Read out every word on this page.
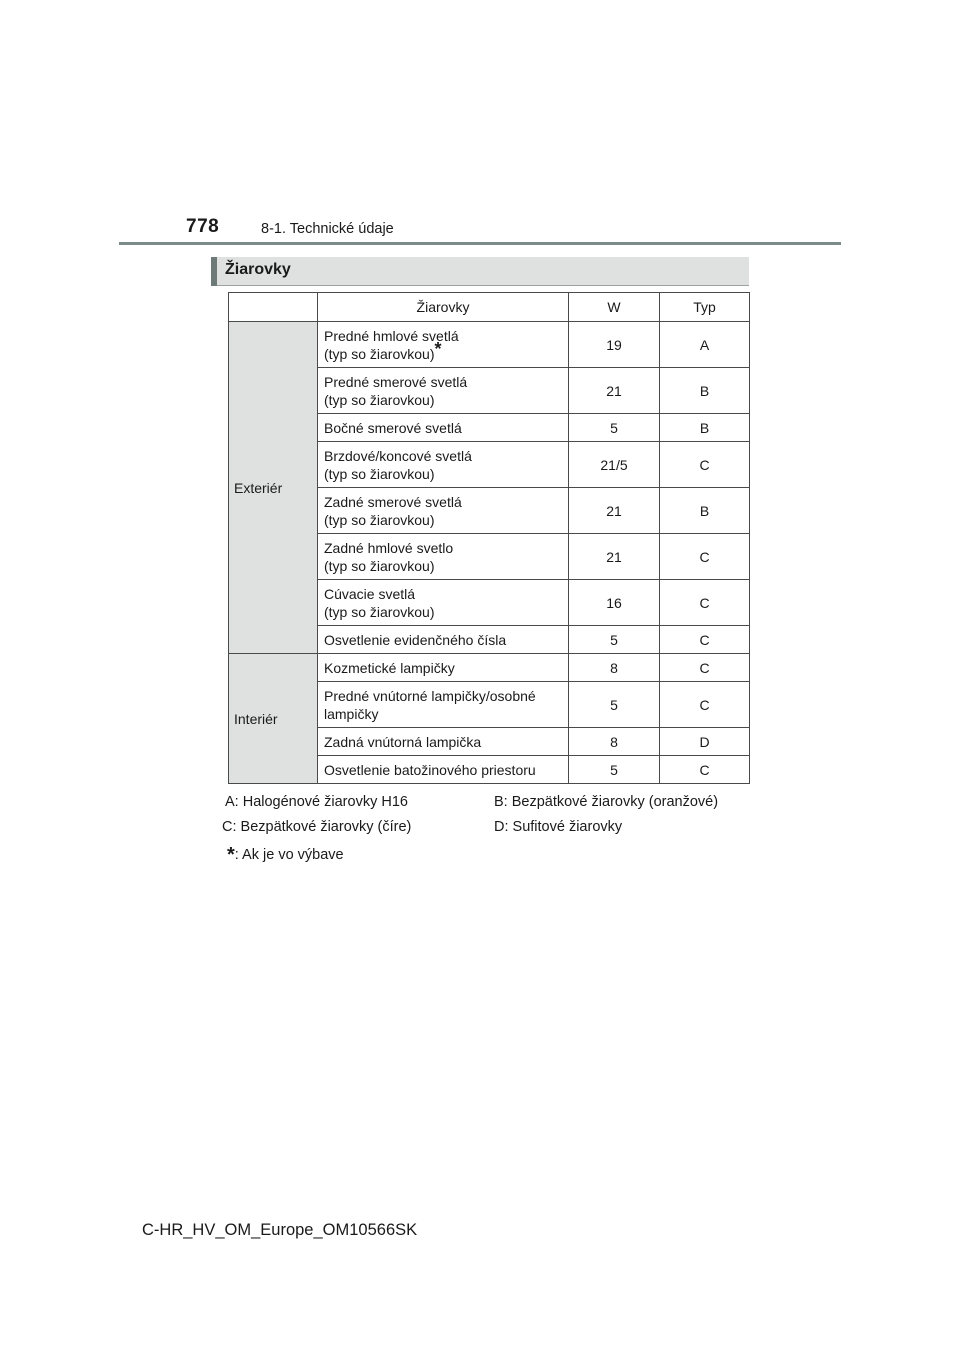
778	8-1. Technické údaje
Žiarovky
	Žiarovky	W	Typ
Exteriér	Predné hmlové svetlá
(typ so žiarovkou)*	19	A
	Predné smerové svetlá
(typ so žiarovkou)	21	B
	Bočné smerové svetlá	5	B
	Brzdové/koncové svetlá
(typ so žiarovkou)	21/5	C
	Zadné smerové svetlá
(typ so žiarovkou)	21	B
	Zadné hmlové svetlo
(typ so žiarovkou)	21	C
	Cúvacie svetlá
(typ so žiarovkou)	16	C
	Osvetlenie evidenčného čísla	5	C
Interiér	Kozmetické lampičky	8	C
	Predné vnútorné lampičky/osobné
lampičky	5	C
	Zadná vnútorná lampička	8	D
	Osvetlenie batožinového priestoru	5	C
A: Halogénové žiarovky H16	B: Bezpätkové žiarovky (oranžové)
C: Bezpätkové žiarovky (číre)	D: Sufitové žiarovky
*: Ak je vo výbave
C-HR_HV_OM_Europe_OM10566SK
